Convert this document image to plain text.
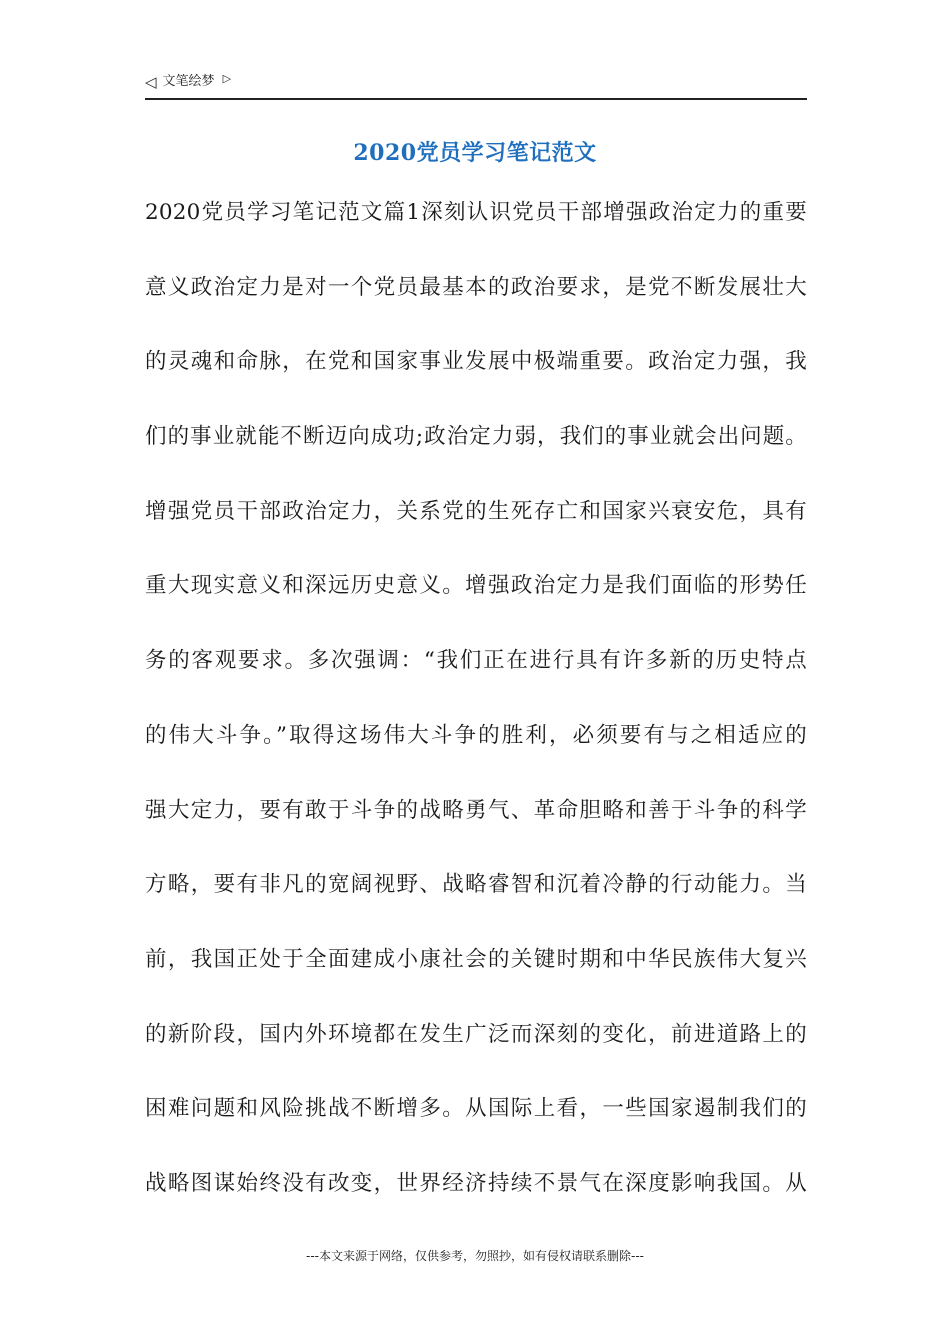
◁ 文笔绘梦 ▷
2020党员学习笔记范文
2020党员学习笔记范文篇1深刻认识党员干部增强政治定力的重要
意义政治定力是对一个党员最基本的政治要求，是党不断发展壮大
的灵魂和命脉，在党和国家事业发展中极端重要。政治定力强，我
们的事业就能不断迈向成功;政治定力弱，我们的事业就会出问题。
增强党员干部政治定力，关系党的生死存亡和国家兴衰安危，具有
重大现实意义和深远历史意义。增强政治定力是我们面临的形势任
务的客观要求。多次强调：“我们正在进行具有许多新的历史特点
的伟大斗争。”取得这场伟大斗争的胜利，必须要有与之相适应的
强大定力，要有敢于斗争的战略勇气、革命胆略和善于斗争的科学
方略，要有非凡的宽阔视野、战略睿智和沉着冷静的行动能力。当
前，我国正处于全面建成小康社会的关键时期和中华民族伟大复兴
的新阶段，国内外环境都在发生广泛而深刻的变化，前进道路上的
困难问题和风险挑战不断增多。从国际上看，一些国家遏制我们的
战略图谋始终没有改变，世界经济持续不景气在深度影响我国。从
---本文来源于网络，仅供参考，勿照抄，如有侵权请联系删除---
